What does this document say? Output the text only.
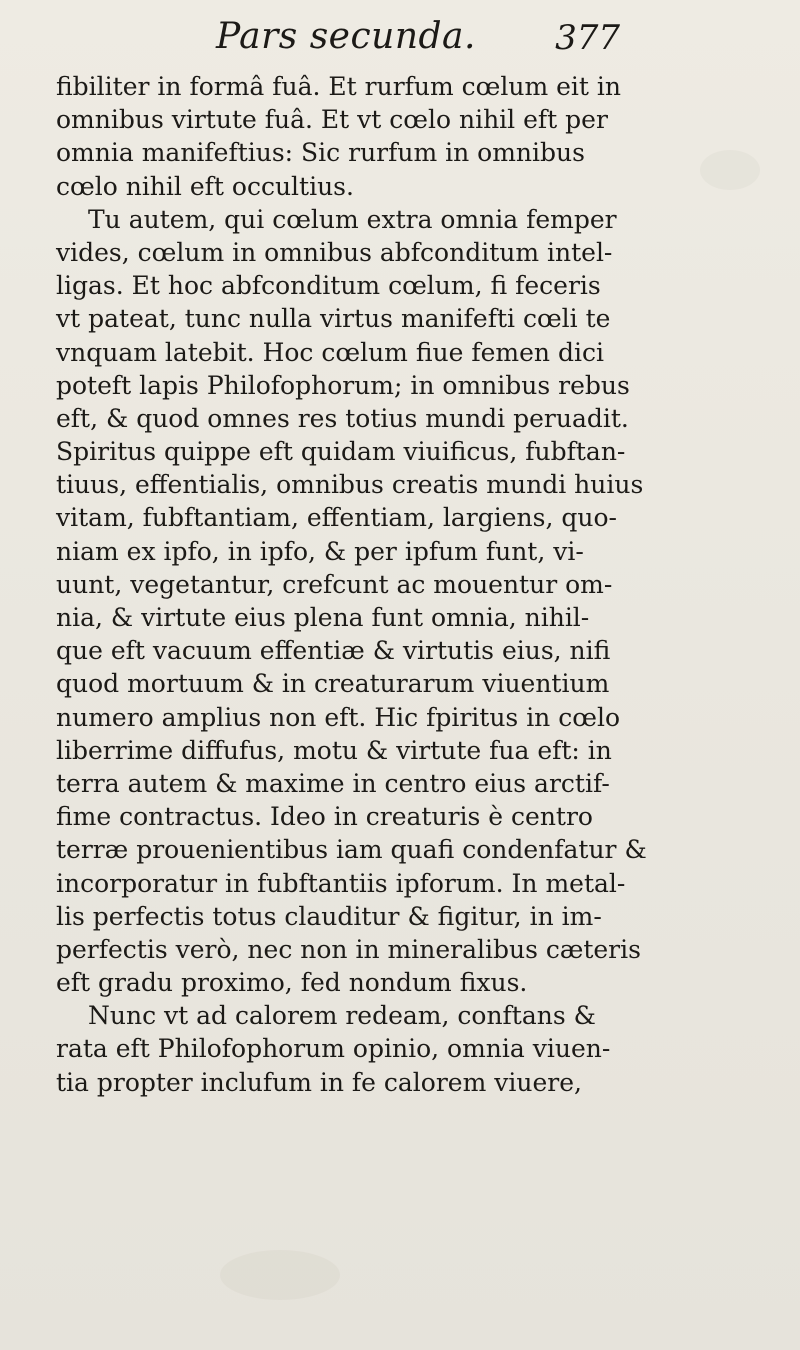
Pars secunda. 377
fibiliter in formâ fuâ. Et rurfum cœlum eit in
omnibus virtute fuâ. Et vt cœlo nihil eft per
omnia manifeftius: Sic rurfum in omnibus
cœlo nihil eft occultius.
Tu autem, qui cœlum extra omnia femper
vides, cœlum in omnibus abfconditum intel-
ligas. Et hoc abfconditum cœlum, fi feceris
vt pateat, tunc nulla virtus manifefti cœli te
vnquam latebit. Hoc cœlum fiue femen dici
poteft lapis Philofophorum; in omnibus rebus
eft, & quod omnes res totius mundi peruadit.
Spiritus quippe eft quidam viuificus, fubftan-
tiuus, effentialis, omnibus creatis mundi huius
vitam, fubftantiam, effentiam, largiens, quo-
niam ex ipfo, in ipfo, & per ipfum funt, vi-
uunt, vegetantur, crefcunt ac mouentur om-
nia, & virtute eius plena funt omnia, nihil-
que eft vacuum effentiæ & virtutis eius, nifi
quod mortuum & in creaturarum viuentium
numero amplius non eft. Hic fpiritus in cœlo
liberrime diffufus, motu & virtute fua eft: in
terra autem & maxime in centro eius arctif-
fime contractus. Ideo in creaturis è centro
terræ prouenientibus iam quafi condenfatur &
incorporatur in fubftantiis ipforum. In metal-
lis perfectis totus clauditur & figitur, in im-
perfectis verò, nec non in mineralibus cæteris
eft gradu proximo, fed nondum fixus.
Nunc vt ad calorem redeam, conftans &
rata eft Philofophorum opinio, omnia viuen-
tia propter inclufum in fe calorem viuere,
